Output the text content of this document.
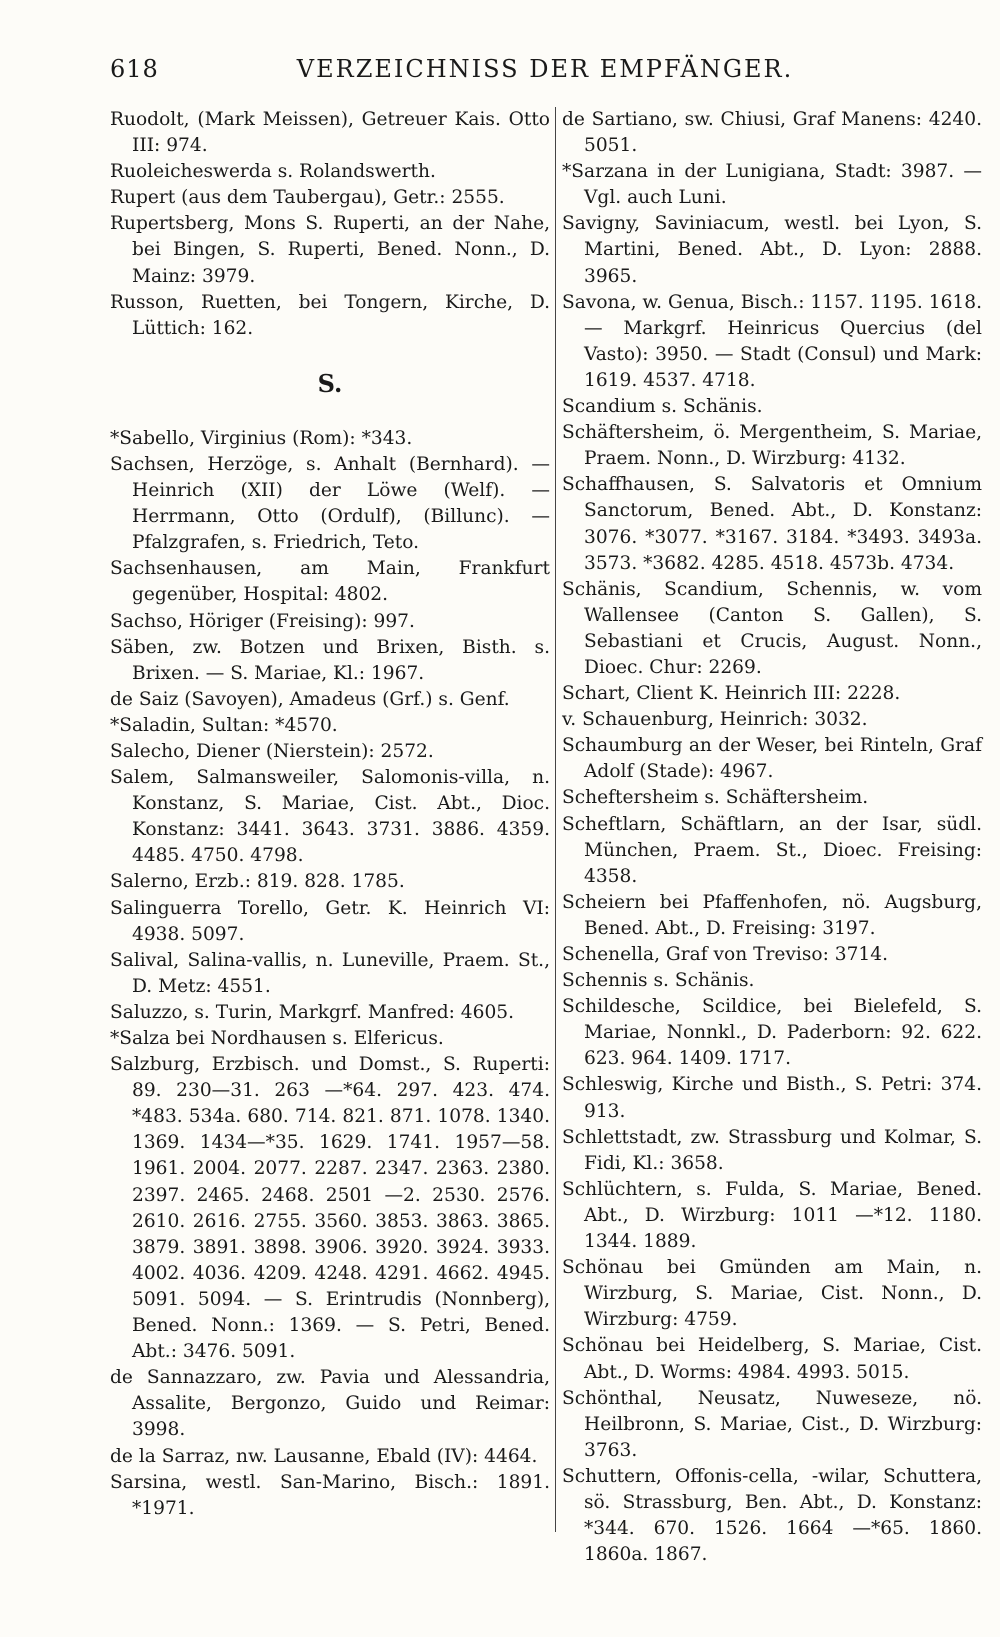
618	VERZEICHNISS DER EMPFÄNGER.

Ruodolt, (Mark Meissen), Getreuer Kais. Otto III: 974.

Ruoleicheswerda s. Rolandswerth.

Rupert (aus dem Taubergau), Getr.: 2555.

Rupertsberg, Mons S. Ruperti, an der Nahe, bei Bingen, S. Ruperti, Bened. Nonn., D. Mainz: 3979.

Russon, Ruetten, bei Tongern, Kirche, D. Lüttich: 162.

S.

*Sabello, Virginius (Rom): *343.

Sachsen, Herzöge, s. Anhalt (Bernhard). — Heinrich (XII) der Löwe (Welf). — Herrmann, Otto (Ordulf), (Billunc). — Pfalzgrafen, s. Friedrich, Teto.

Sachsenhausen, am Main, Frankfurt gegenüber, Hospital: 4802.

Sachso, Höriger (Freising): 997.

Säben, zw. Botzen und Brixen, Bisth. s. Brixen. — S. Mariae, Kl.: 1967.

de Saiz (Savoyen), Amadeus (Grf.) s. Genf.

*Saladin, Sultan: *4570.

Salecho, Diener (Nierstein): 2572.

Salem, Salmansweiler, Salomonis-villa, n. Konstanz, S. Mariae, Cist. Abt., Dioc. Konstanz: 3441. 3643. 3731. 3886. 4359. 4485. 4750. 4798.

Salerno, Erzb.: 819. 828. 1785.

Salinguerra Torello, Getr. K. Heinrich VI: 4938. 5097.

Salival, Salina-vallis, n. Luneville, Praem. St., D. Metz: 4551.

Saluzzo, s. Turin, Markgrf. Manfred: 4605.

*Salza bei Nordhausen s. Elfericus.

Salzburg, Erzbisch. und Domst., S. Ruperti: 89. 230—31. 263 —*64. 297. 423. 474. *483. 534a. 680. 714. 821. 871. 1078. 1340. 1369. 1434—*35. 1629. 1741. 1957—58. 1961. 2004. 2077. 2287. 2347. 2363. 2380. 2397. 2465. 2468. 2501 —2. 2530. 2576. 2610. 2616. 2755. 3560. 3853. 3863. 3865. 3879. 3891. 3898. 3906. 3920. 3924. 3933. 4002. 4036. 4209. 4248. 4291. 4662. 4945. 5091. 5094. — S. Erintrudis (Nonnberg), Bened. Nonn.: 1369. — S. Petri, Bened. Abt.: 3476. 5091.

de Sannazzaro, zw. Pavia und Alessandria, Assalite, Bergonzo, Guido und Reimar: 3998.

de la Sarraz, nw. Lausanne, Ebald (IV): 4464.

Sarsina, westl. San-Marino, Bisch.: 1891. *1971.

de Sartiano, sw. Chiusi, Graf Manens: 4240. 5051.

*Sarzana in der Lunigiana, Stadt: 3987. — Vgl. auch Luni.

Savigny, Saviniacum, westl. bei Lyon, S. Martini, Bened. Abt., D. Lyon: 2888. 3965.

Savona, w. Genua, Bisch.: 1157. 1195. 1618. — Markgrf. Heinricus Quercius (del Vasto): 3950. — Stadt (Consul) und Mark: 1619. 4537. 4718.

Scandium s. Schänis.

Schäftersheim, ö. Mergentheim, S. Mariae, Praem. Nonn., D. Wirzburg: 4132.

Schaffhausen, S. Salvatoris et Omnium Sanctorum, Bened. Abt., D. Konstanz: 3076. *3077. *3167. 3184. *3493. 3493a. 3573. *3682. 4285. 4518. 4573b. 4734.

Schänis, Scandium, Schennis, w. vom Wallensee (Canton S. Gallen), S. Sebastiani et Crucis, August. Nonn., Dioec. Chur: 2269.

Schart, Client K. Heinrich III: 2228.

v. Schauenburg, Heinrich: 3032.

Schaumburg an der Weser, bei Rinteln, Graf Adolf (Stade): 4967.

Scheftersheim s. Schäftersheim.

Scheftlarn, Schäftlarn, an der Isar, südl. München, Praem. St., Dioec. Freising: 4358.

Scheiern bei Pfaffenhofen, nö. Augsburg, Bened. Abt., D. Freising: 3197.

Schenella, Graf von Treviso: 3714.

Schennis s. Schänis.

Schildesche, Scildice, bei Bielefeld, S. Mariae, Nonnkl., D. Paderborn: 92. 622. 623. 964. 1409. 1717.

Schleswig, Kirche und Bisth., S. Petri: 374. 913.

Schlettstadt, zw. Strassburg und Kolmar, S. Fidi, Kl.: 3658.

Schlüchtern, s. Fulda, S. Mariae, Bened. Abt., D. Wirzburg: 1011 —*12. 1180. 1344. 1889.

Schönau bei Gmünden am Main, n. Wirzburg, S. Mariae, Cist. Nonn., D. Wirzburg: 4759.

Schönau bei Heidelberg, S. Mariae, Cist. Abt., D. Worms: 4984. 4993. 5015.

Schönthal, Neusatz, Nuweseze, nö. Heilbronn, S. Mariae, Cist., D. Wirzburg: 3763.

Schuttern, Offonis-cella, -wilar, Schuttera, sö. Strassburg, Ben. Abt., D. Konstanz: *344. 670. 1526. 1664 —*65. 1860. 1860a. 1867.
